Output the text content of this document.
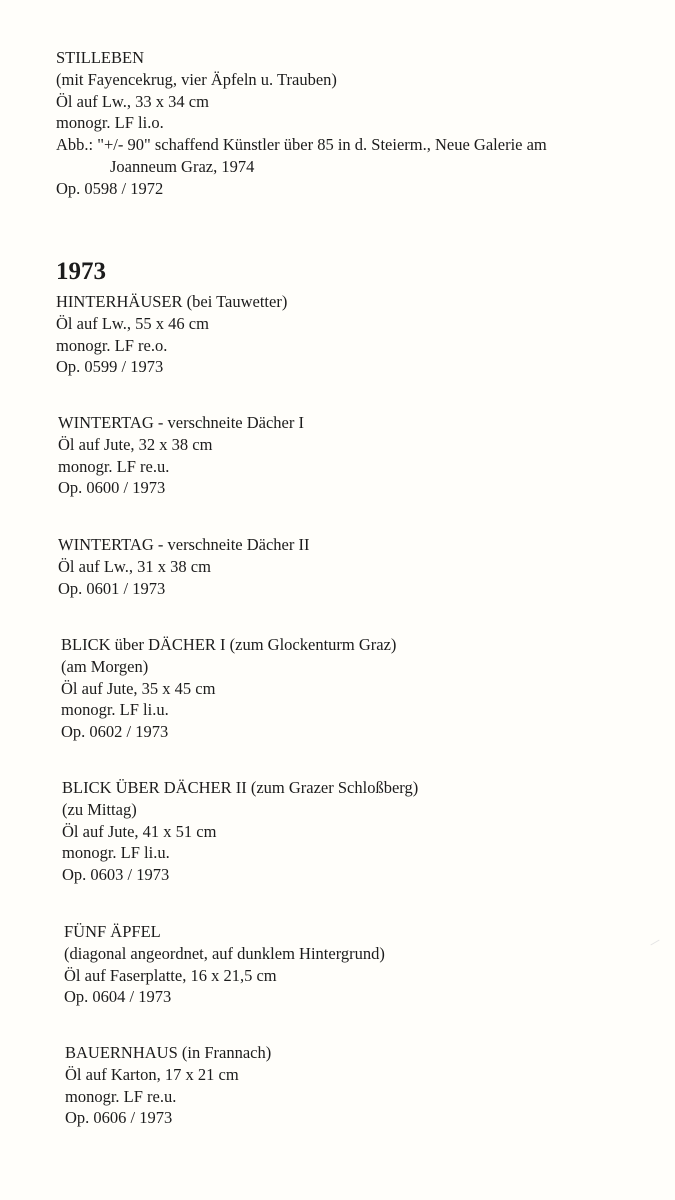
STILLEBEN
(mit Fayencekrug, vier Äpfeln u. Trauben)
Öl auf Lw., 33 x 34 cm
monogr. LF li.o.
Abb.: "+/- 90" schaffend Künstler über 85 in d. Steierm., Neue Galerie am
Joanneum Graz, 1974
Op. 0598 / 1972
1973
HINTERHÄUSER (bei Tauwetter)
Öl auf Lw., 55 x 46 cm
monogr. LF re.o.
Op. 0599 / 1973
WINTERTAG - verschneite Dächer I
Öl auf Jute, 32 x 38 cm
monogr. LF re.u.
Op. 0600 / 1973
WINTERTAG - verschneite Dächer II
Öl auf Lw., 31 x 38 cm
Op. 0601 / 1973
BLICK über DÄCHER I (zum Glockenturm Graz)
(am Morgen)
Öl auf Jute, 35 x 45 cm
monogr. LF li.u.
Op. 0602 / 1973
BLICK ÜBER DÄCHER II (zum Grazer Schloßberg)
(zu Mittag)
Öl auf Jute, 41 x 51 cm
monogr. LF li.u.
Op. 0603 / 1973
FÜNF ÄPFEL
(diagonal angeordnet, auf dunklem Hintergrund)
Öl auf Faserplatte, 16 x 21,5 cm
Op. 0604 / 1973
BAUERNHAUS (in Frannach)
Öl auf Karton, 17 x 21 cm
monogr. LF re.u.
Op. 0606 / 1973
